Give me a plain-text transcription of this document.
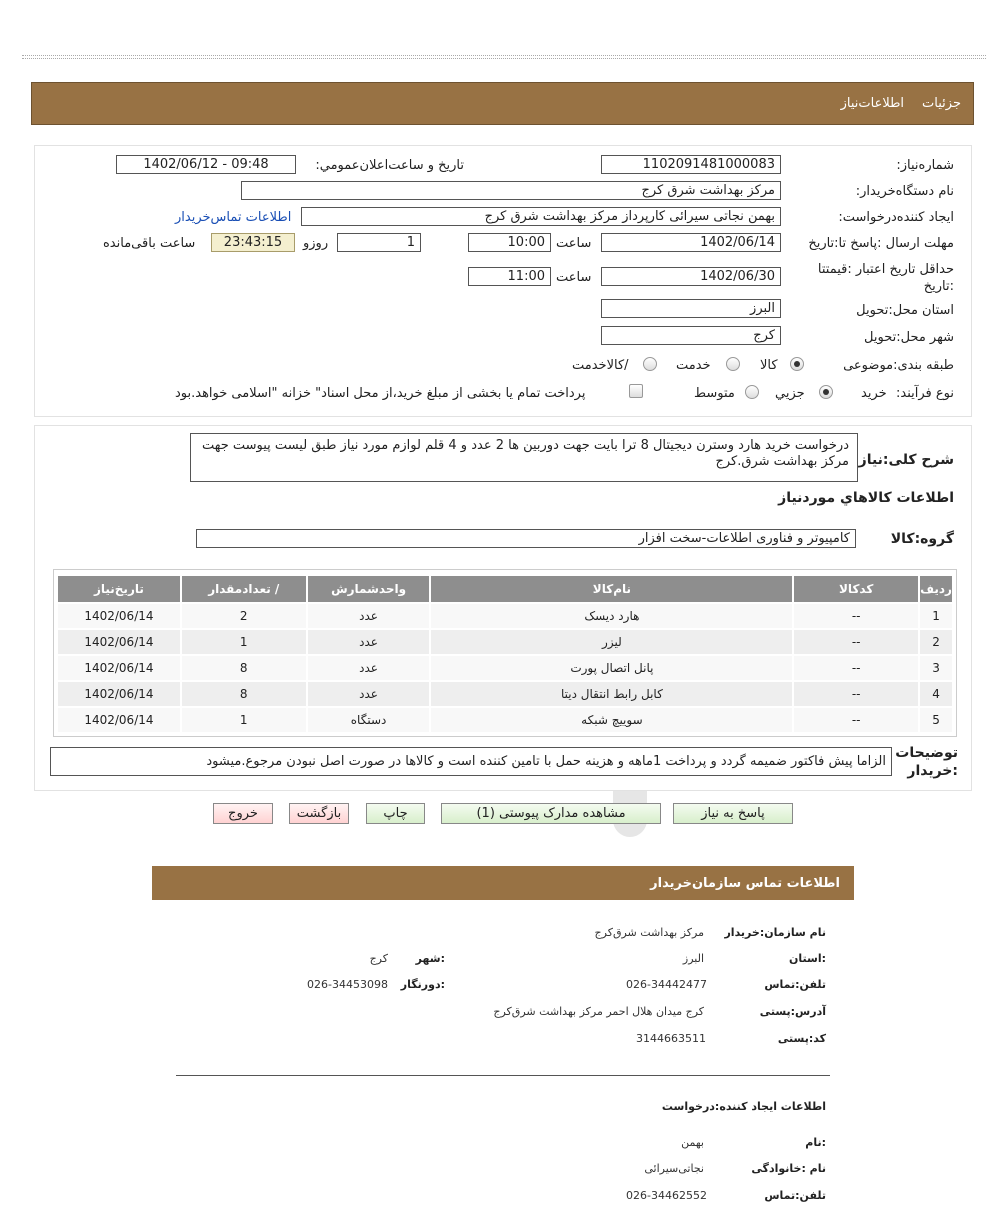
جزئیات
اطلاعات‌نیاز
شماره‌نیاز:
1102091481000083
تاریخ و ساعت‌اعلان‌عمومي:
1402/06/12 - 09:48
نام دستگاه‌خریدار:
مرکز بهداشت شرق کرج
ایجاد کننده‌درخواست:
بهمن نجاتی سیرائی کارپرداز مرکز بهداشت شرق کرج
اطلاعات تماس‌خریدار
مهلت ارسال :پاسخ تا:تاریخ
1402/06/14
ساعت
10:00
1
روزو
23:43:15
ساعت باقی‌مانده
حداقل تاریخ اعتبار :قیمتتا
:تاریخ
1402/06/30
ساعت
11:00
استان محل:تحویل
البرز
شهر محل:تحویل
کرج
طبقه بندی:موضوعی
کالا
خدمت
/کالاخدمت
نوع فرآیند:
خرید
جزیي
متوسط
پرداخت تمام یا بخشی از مبلغ خرید،از محل اسناد" خزانه "اسلامی خواهد.بود
شرح کلی:نیاز
درخواست خرید هارد وسترن دیجیتال 8 ترا بایت جهت دوربین ها 2 عدد و 4 قلم لوازم مورد نیاز طبق لیست پیوست جهت مرکز بهداشت شرق.کرج
اطلاعات کالاهاي مورد‌نیاز
گروه:کالا
کامپیوتر و فناوری اطلاعات-سخت افزار
ردیف	کدکالا	نام‌کالا	واحدشمارش	/ تعدادمقدار	تاریخ‌نیاز
1	--	هارد دیسک	عدد	2	1402/06/14
2	--	لیزر	عدد	1	1402/06/14
3	--	پانل اتصال پورت	عدد	8	1402/06/14
4	--	کابل رابط انتقال دیتا	عدد	8	1402/06/14
5	--	سوییچ شبکه	دستگاه	1	1402/06/14
توضیحات
:خریدار
الزاما پیش فاکتور ضمیمه گردد و پرداخت 1ماهه و هزینه حمل با تامین کننده است و کالاها در صورت اصل نبودن مرجوع.میشود
پاسخ به نیاز
مشاهده مدارک پیوستی (1)
چاپ
بازگشت
خروج
اطلاعات تماس سازمان‌خریدار
نام سازمان:خریدار
مرکز بهداشت شرق‌کرج
:استان
البرز
:شهر
کرج
تلفن:تماس
026-34442477
:دورنگار
026-34453098
آدرس:پستی
کرج میدان هلال احمر مرکز بهداشت شرق‌کرج
کد:پستی
3144663511
اطلاعات ایجاد کننده:درخواست
:نام
بهمن
نام :خانوادگی
نجاتی‌سیرائی
تلفن:تماس
026-34462552
